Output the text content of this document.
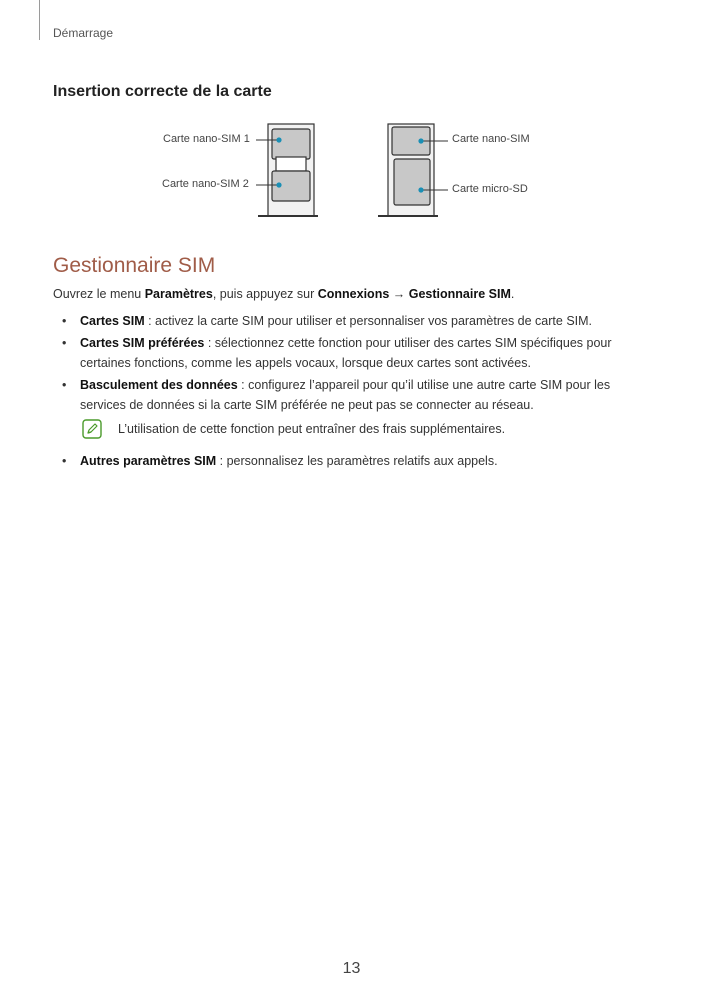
Démarrage
Insertion correcte de la carte
Carte nano-SIM 1
Carte nano-SIM 2
Carte nano-SIM
Carte micro-SD
Gestionnaire SIM
Ouvrez le menu Paramètres, puis appuyez sur Connexions → Gestionnaire SIM.
• Cartes SIM : activez la carte SIM pour utiliser et personnaliser vos paramètres de carte SIM.
• Cartes SIM préférées : sélectionnez cette fonction pour utiliser des cartes SIM spécifiques pour certaines fonctions, comme les appels vocaux, lorsque deux cartes sont activées.
• Basculement des données : configurez l’appareil pour qu’il utilise une autre carte SIM pour les services de données si la carte SIM préférée ne peut pas se connecter au réseau.
L’utilisation de cette fonction peut entraîner des frais supplémentaires.
• Autres paramètres SIM : personnalisez les paramètres relatifs aux appels.
13
